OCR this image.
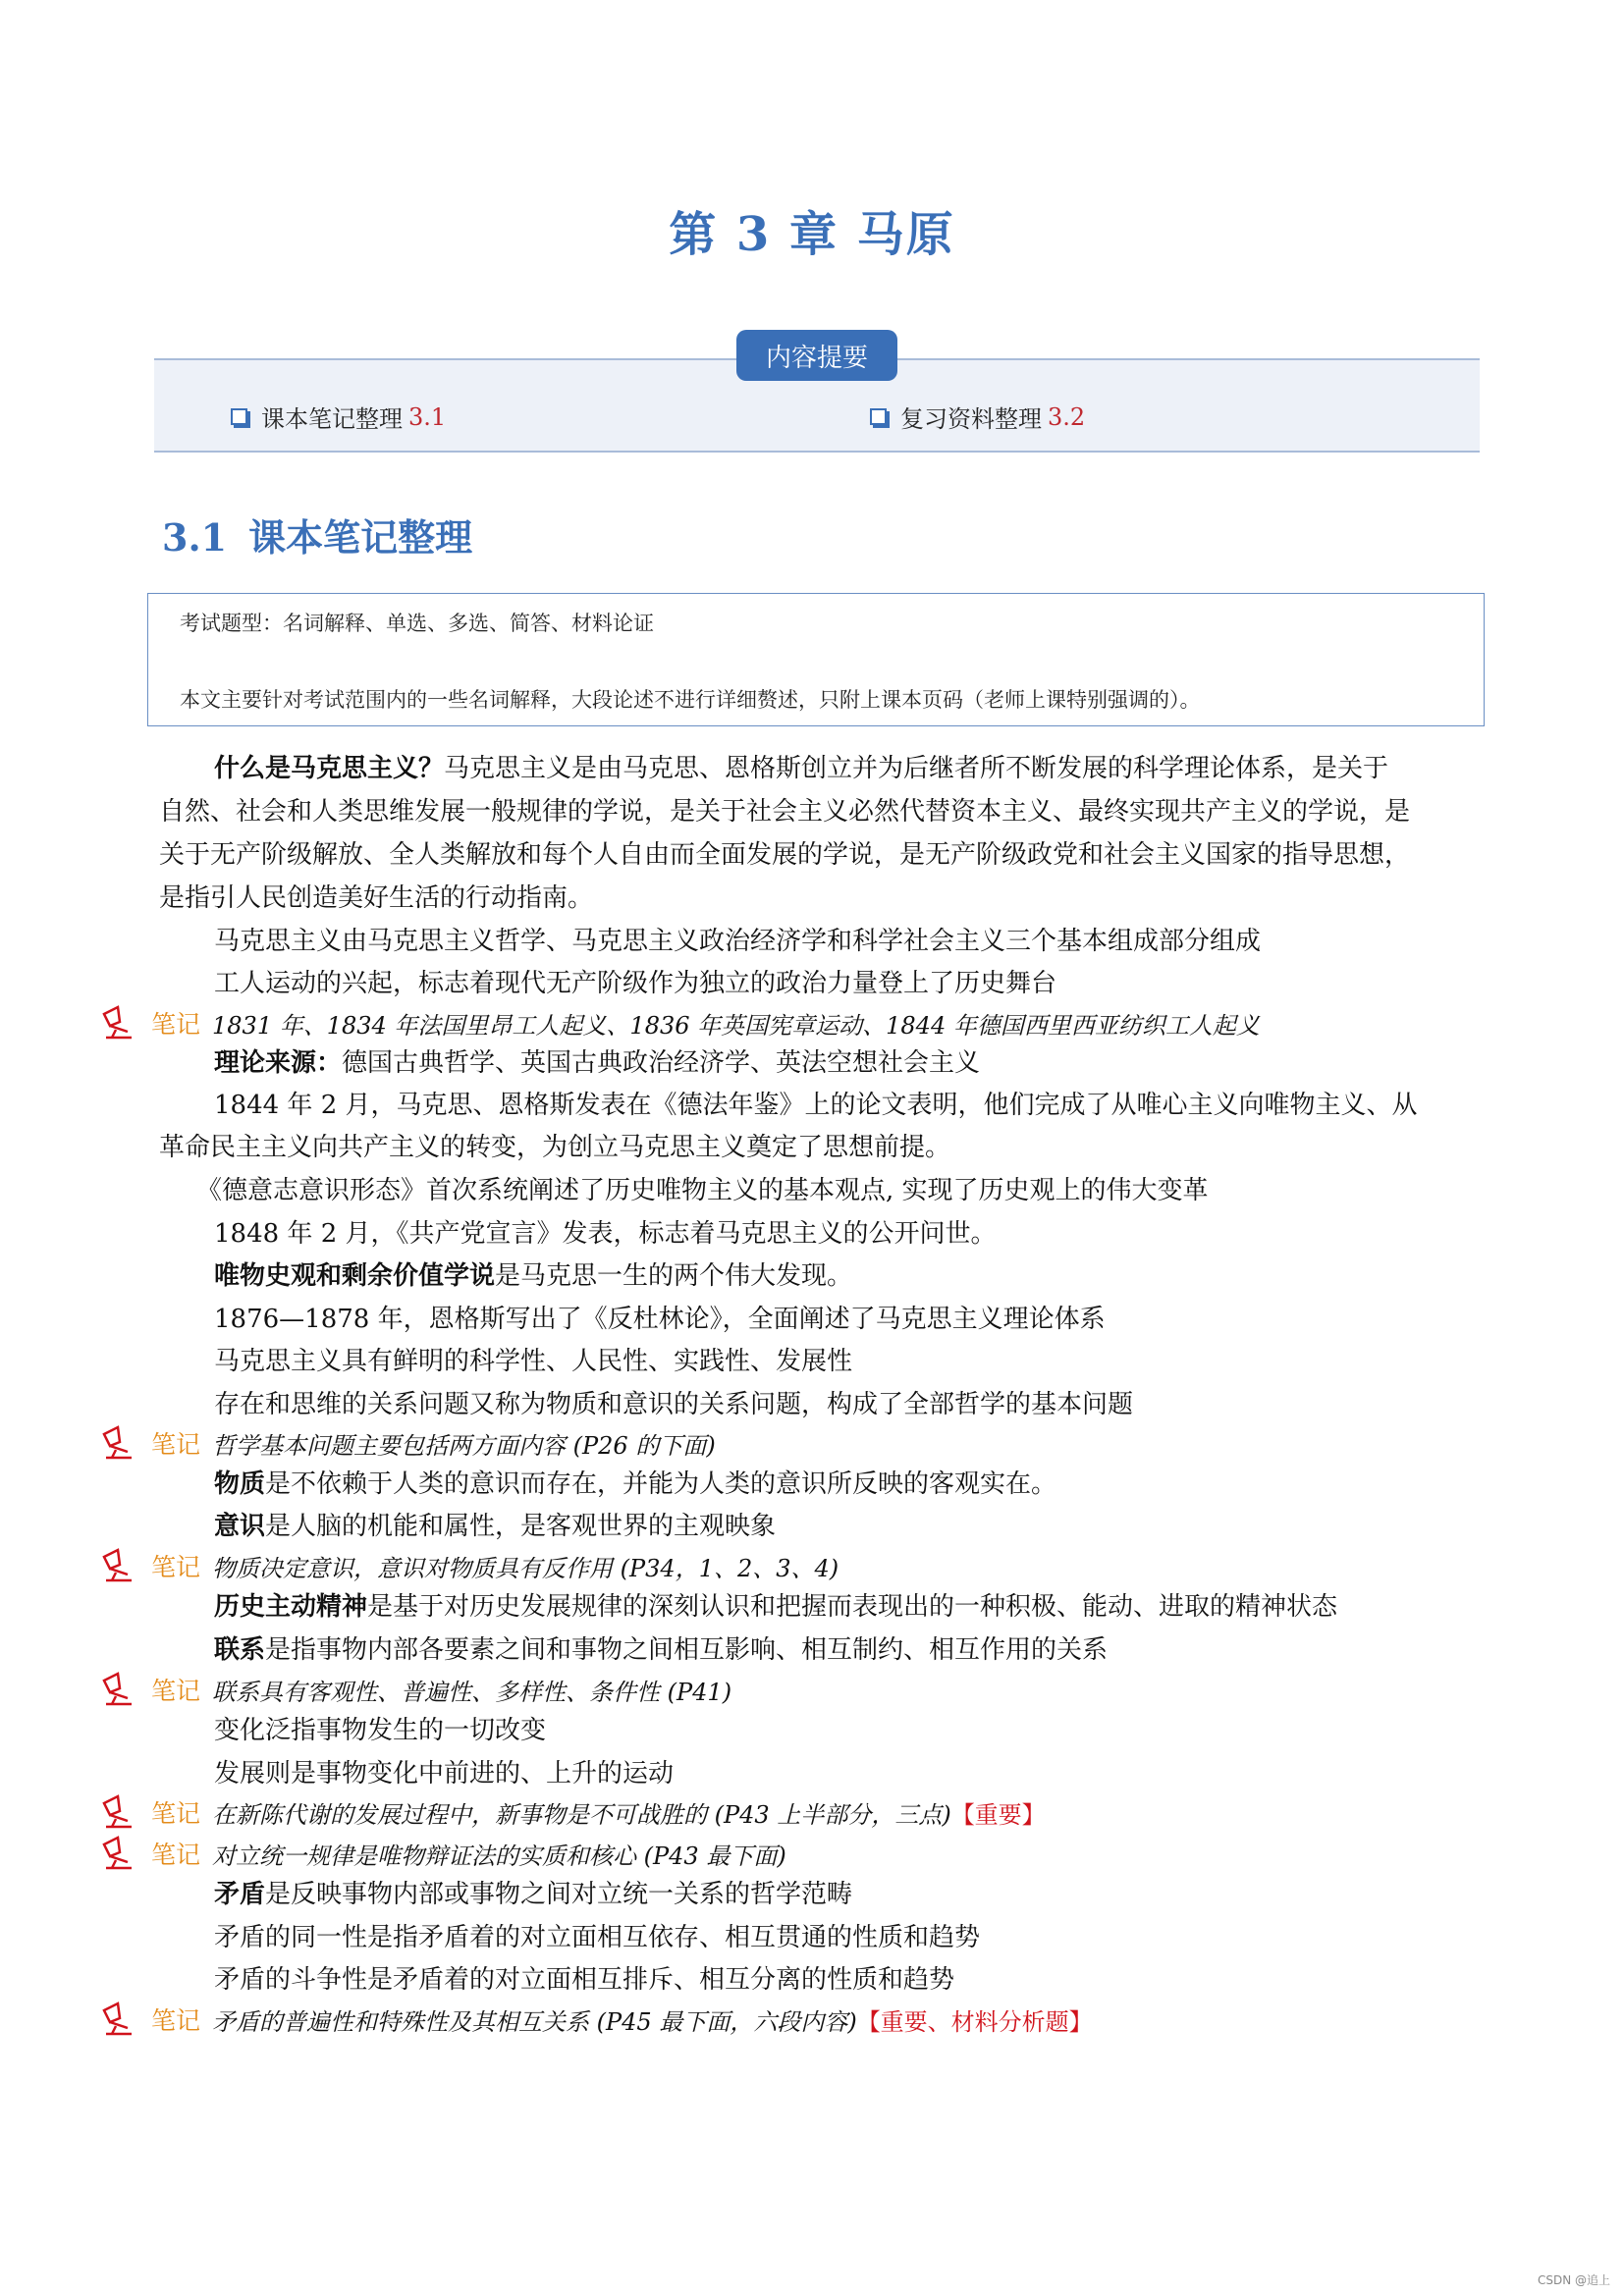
第 3 章 马原
内容提要
课本笔记整理 3.1	复习资料整理 3.2
3.1 课本笔记整理
考试题型：名词解释、单选、多选、简答、材料论证
本文主要针对考试范围内的一些名词解释，大段论述不进行详细赘述，只附上课本页码（老师上课特别强调的）。
什么是马克思主义？马克思主义是由马克思、恩格斯创立并为后继者所不断发展的科学理论体系，是关于
自然、社会和人类思维发展一般规律的学说，是关于社会主义必然代替资本主义、最终实现共产主义的学说，是
关于无产阶级解放、全人类解放和每个人自由而全面发展的学说，是无产阶级政党和社会主义国家的指导思想，
是指引人民创造美好生活的行动指南。
马克思主义由马克思主义哲学、马克思主义政治经济学和科学社会主义三个基本组成部分组成
工人运动的兴起，标志着现代无产阶级作为独立的政治力量登上了历史舞台
笔记 1831 年、1834 年法国里昂工人起义、1836 年英国宪章运动、1844 年德国西里西亚纺织工人起义
理论来源：德国古典哲学、英国古典政治经济学、英法空想社会主义
1844 年 2 月，马克思、恩格斯发表在《德法年鉴》上的论文表明，他们完成了从唯心主义向唯物主义、从
革命民主主义向共产主义的转变，为创立马克思主义奠定了思想前提。
《德意志意识形态》首次系统阐述了历史唯物主义的基本观点, 实现了历史观上的伟大变革
1848 年 2 月，《共产党宣言》发表，标志着马克思主义的公开问世。
唯物史观和剩余价值学说是马克思一生的两个伟大发现。
1876—1878 年，恩格斯写出了《反杜林论》，全面阐述了马克思主义理论体系
马克思主义具有鲜明的科学性、人民性、实践性、发展性
存在和思维的关系问题又称为物质和意识的关系问题，构成了全部哲学的基本问题
笔记 哲学基本问题主要包括两方面内容 (P26 的下面)
物质是不依赖于人类的意识而存在，并能为人类的意识所反映的客观实在。
意识是人脑的机能和属性，是客观世界的主观映象
笔记 物质决定意识，意识对物质具有反作用 (P34，1、2、3、4)
历史主动精神是基于对历史发展规律的深刻认识和把握而表现出的一种积极、能动、进取的精神状态
联系是指事物内部各要素之间和事物之间相互影响、相互制约、相互作用的关系
笔记 联系具有客观性、普遍性、多样性、条件性 (P41)
变化泛指事物发生的一切改变
发展则是事物变化中前进的、上升的运动
笔记 在新陈代谢的发展过程中，新事物是不可战胜的 (P43 上半部分，三点) 【重要】
笔记 对立统一规律是唯物辩证法的实质和核心 (P43 最下面)
矛盾是反映事物内部或事物之间对立统一关系的哲学范畴
矛盾的同一性是指矛盾着的对立面相互依存、相互贯通的性质和趋势
矛盾的斗争性是矛盾着的对立面相互排斥、相互分离的性质和趋势
笔记 矛盾的普遍性和特殊性及其相互关系 (P45 最下面，六段内容) 【重要、材料分析题】
CSDN @追上
